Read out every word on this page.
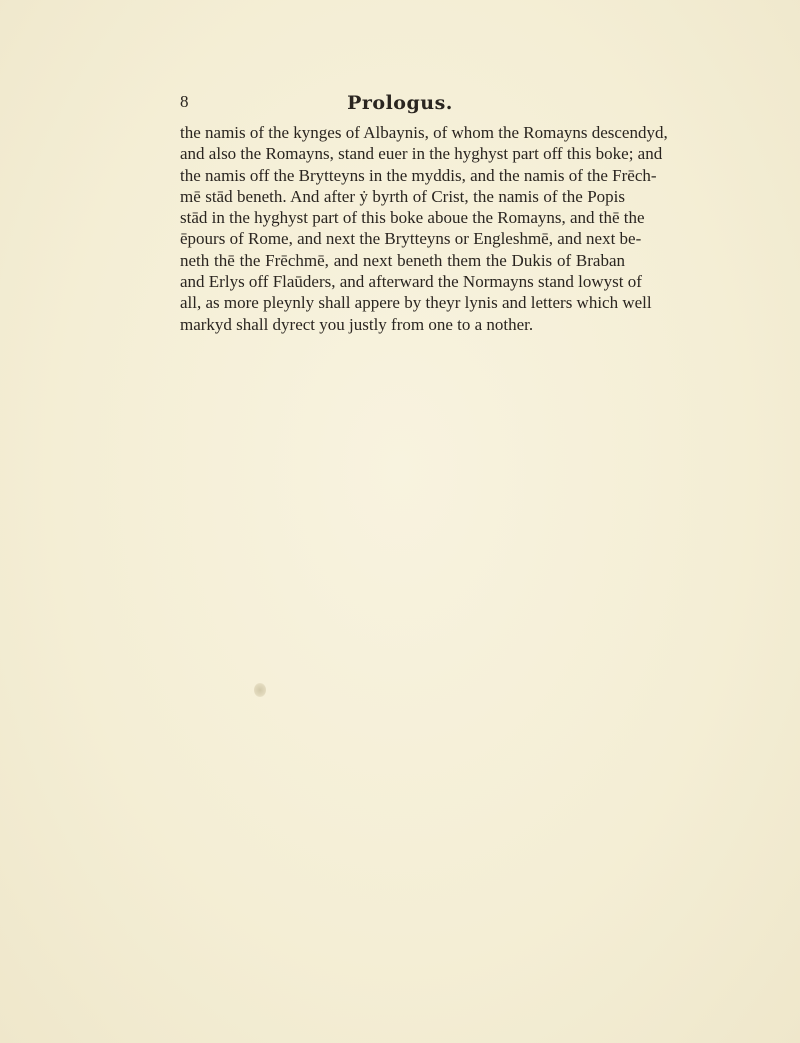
8	Prologus.
the namis of the kynges of Albaynis, of whom the Romayns descendyd,
and also the Romayns, stand euer in the hyghyst part off this boke; and
the namis off the Brytteyns in the myddis, and the namis of the Frēch-
mē stād beneth. And after ẏ byrth of Crist, the namis of the Popis
stād in the hyghyst part of this boke aboue the Romayns, and thē the
ēpours of Rome, and next the Brytteyns or Engleshmē, and next be-
neth thē the Frēchmē, and next beneth them the Dukis of Braban
and Erlys off Flaūders, and afterward the Normayns stand lowyst of
all, as more pleynly shall appere by theyr lynis and letters which well
markyd shall dyrect you justly from one to a nother.
